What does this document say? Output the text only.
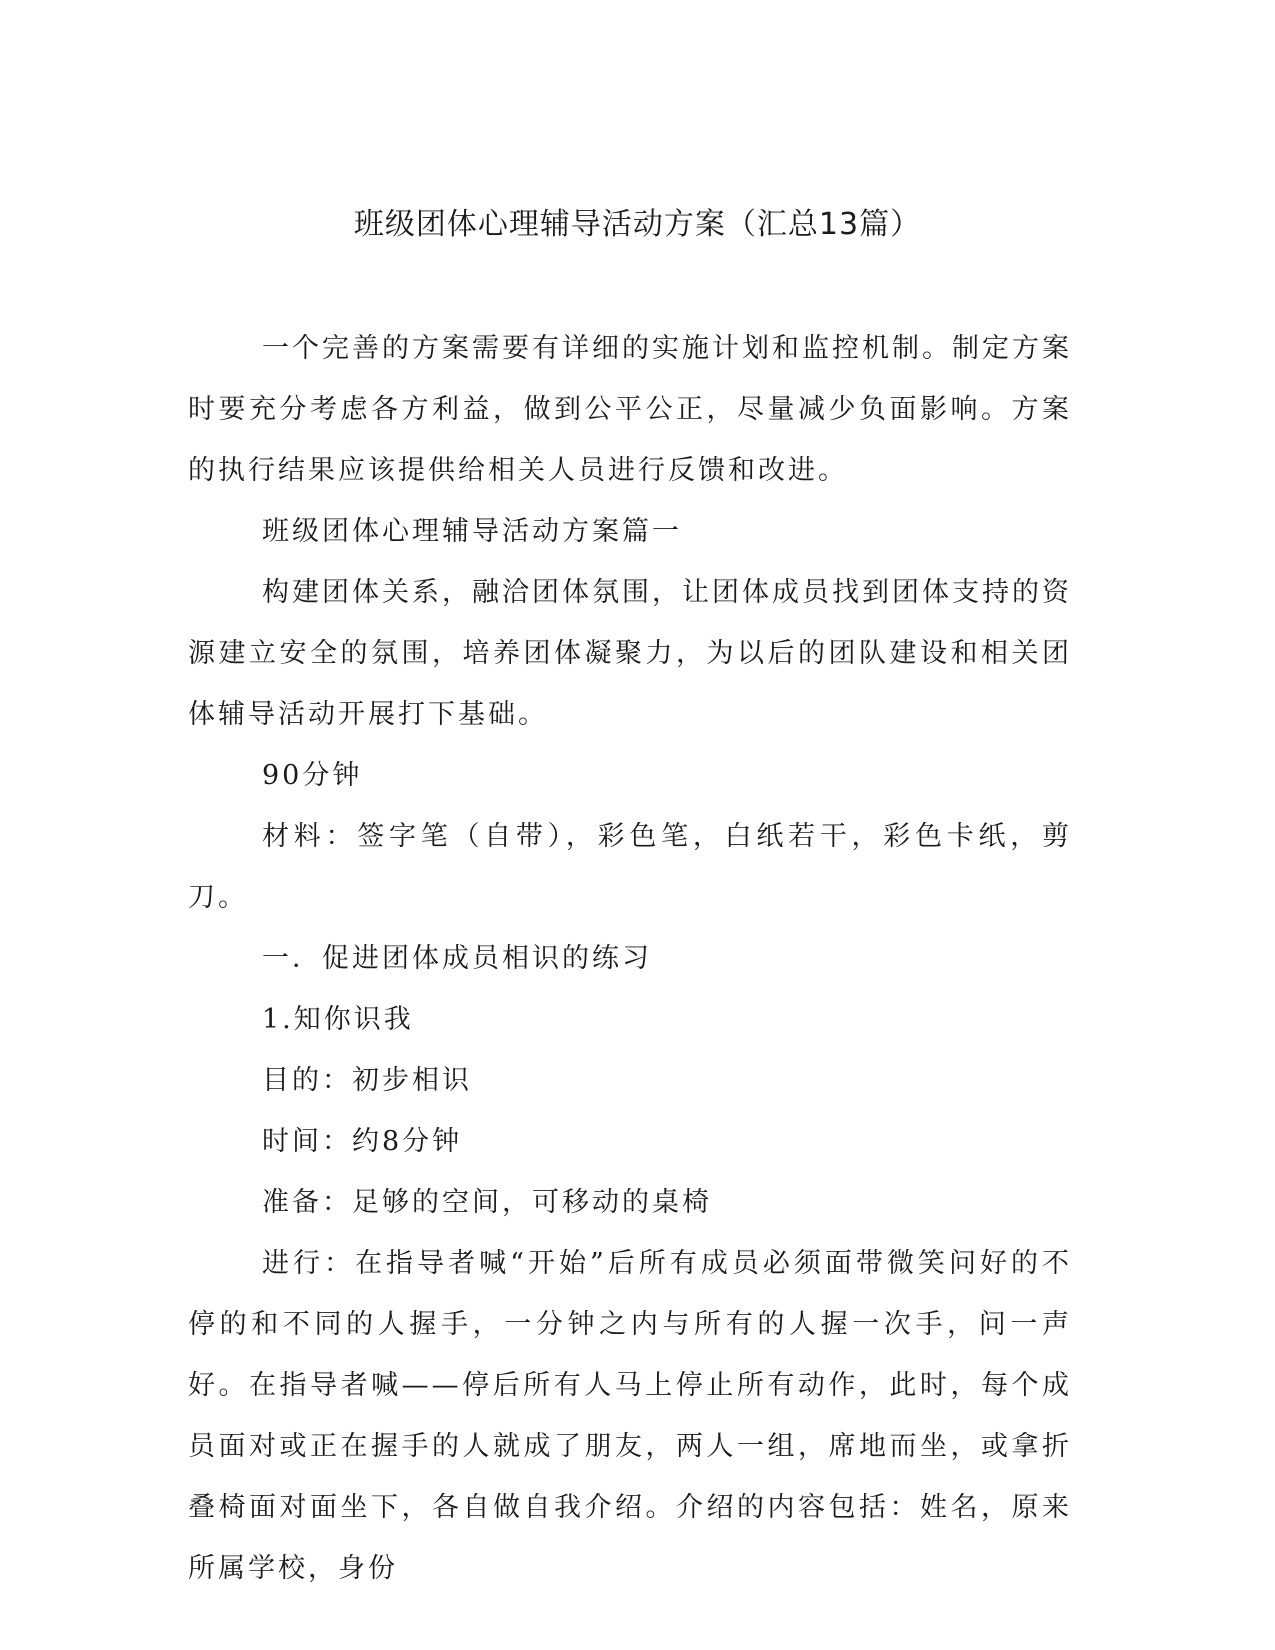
班级团体心理辅导活动方案（汇总13篇）

一个完善的方案需要有详细的实施计划和监控机制。制定方案时要充分考虑各方利益，做到公平公正，尽量减少负面影响。方案的执行结果应该提供给相关人员进行反馈和改进。

班级团体心理辅导活动方案篇一

构建团体关系，融洽团体氛围，让团体成员找到团体支持的资源建立安全的氛围，培养团体凝聚力，为以后的团队建设和相关团体辅导活动开展打下基础。

90分钟

材料：签字笔（自带），彩色笔，白纸若干，彩色卡纸，剪刀。

一．促进团体成员相识的练习

1.知你识我

目的：初步相识

时间：约8分钟

准备：足够的空间，可移动的桌椅

进行：在指导者喊“开始”后所有成员必须面带微笑问好的不停的和不同的人握手，一分钟之内与所有的人握一次手，问一声好。在指导者喊——停后所有人马上停止所有动作，此时，每个成员面对或正在握手的人就成了朋友，两人一组，席地而坐，或拿折叠椅面对面坐下，各自做自我介绍。介绍的内容包括：姓名，原来所属学校，身份
